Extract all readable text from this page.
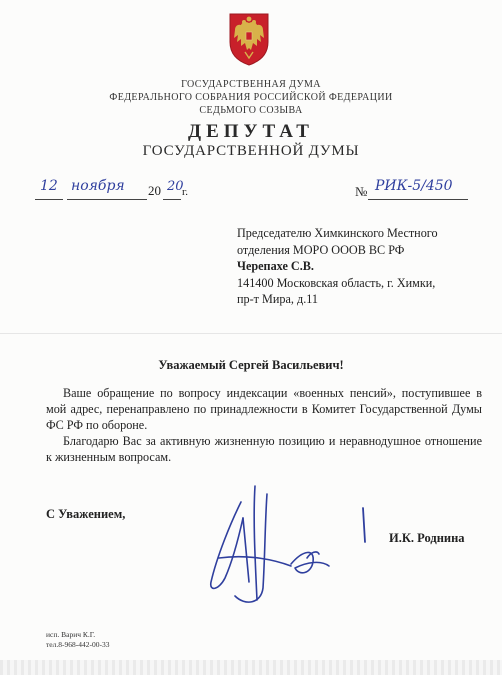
ГОСУДАРСТВЕННАЯ ДУМА
ФЕДЕРАЛЬНОГО СОБРАНИЯ РОССИЙСКОЙ ФЕДЕРАЦИИ
СЕДЬМОГО СОЗЫВА
ДЕПУТАТ
ГОСУДАРСТВЕННОЙ ДУМЫ
12 ноября 20 20
г.	№ РИК-5/450
Председателю Химкинского Местного
отделения МОРО ОООВ ВС РФ
Черепахе С.В.
141400 Московская область, г. Химки,
пр-т Мира, д.11
Уважаемый Сергей Васильевич!

Ваше обращение по вопросу индексации «военных пенсий», поступившее в мой адрес, перенаправлено по принадлежности в Комитет Государственной Думы ФС РФ по обороне.

Благодарю Вас за активную жизненную позицию и неравнодушное отношение к жизненным вопросам.

С Уважением,
И.К. Роднина
исп. Варич К.Г.
тел.8-968-442-00-33
